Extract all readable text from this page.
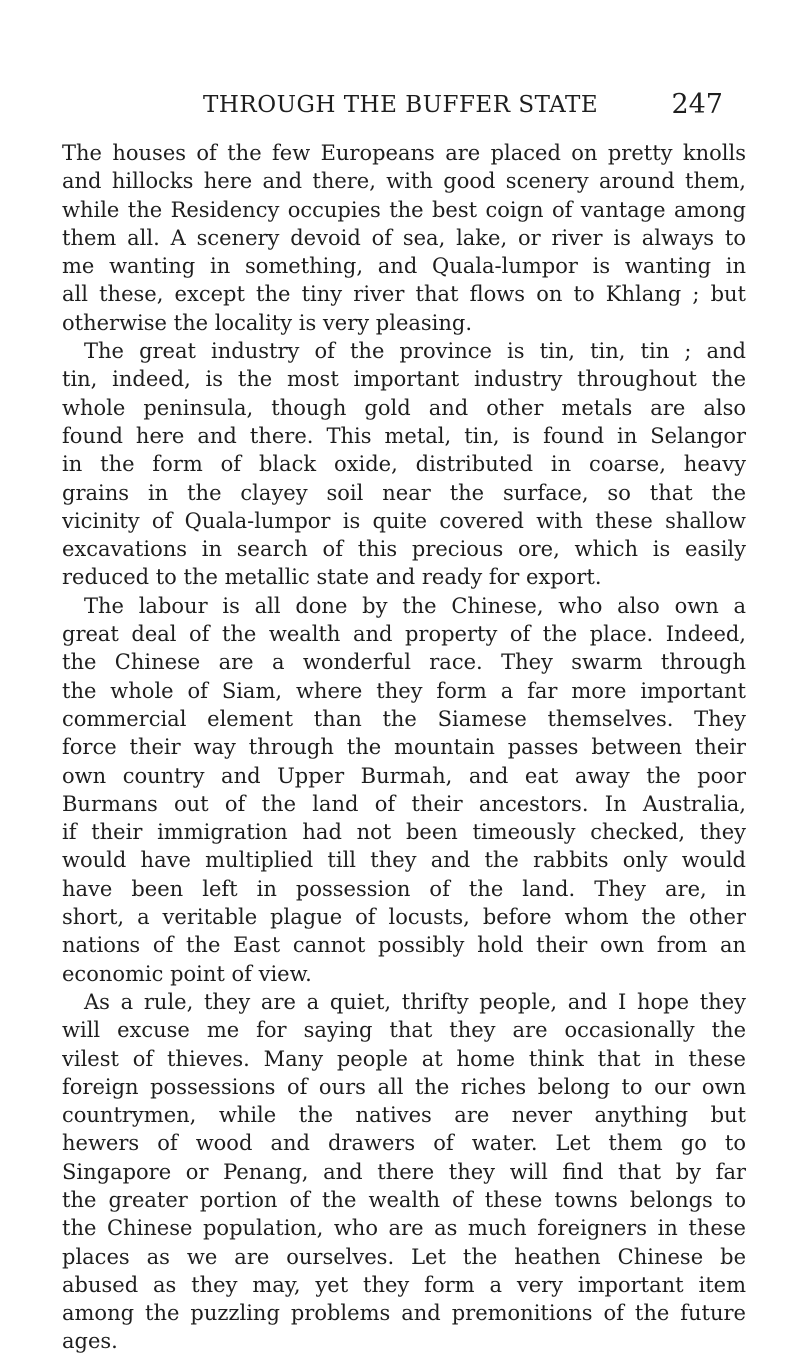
THROUGH THE BUFFER STATE	247
The houses of the few Europeans are placed on pretty knolls
and hillocks here and there, with good scenery around them,
while the Residency occupies the best coign of vantage among
them all. A scenery devoid of sea, lake, or river is always to
me wanting in something, and Quala-lumpor is wanting in
all these, except the tiny river that flows on to Khlang ; but
otherwise the locality is very pleasing.
The great industry of the province is tin, tin, tin ; and
tin, indeed, is the most important industry throughout the
whole peninsula, though gold and other metals are also
found here and there. This metal, tin, is found in Selangor
in the form of black oxide, distributed in coarse, heavy
grains in the clayey soil near the surface, so that the
vicinity of Quala-lumpor is quite covered with these shallow
excavations in search of this precious ore, which is easily
reduced to the metallic state and ready for export.
The labour is all done by the Chinese, who also own a
great deal of the wealth and property of the place. Indeed,
the Chinese are a wonderful race. They swarm through
the whole of Siam, where they form a far more important
commercial element than the Siamese themselves. They
force their way through the mountain passes between their
own country and Upper Burmah, and eat away the poor
Burmans out of the land of their ancestors. In Australia,
if their immigration had not been timeously checked, they
would have multiplied till they and the rabbits only would
have been left in possession of the land. They are, in
short, a veritable plague of locusts, before whom the other
nations of the East cannot possibly hold their own from an
economic point of view.
As a rule, they are a quiet, thrifty people, and I hope they
will excuse me for saying that they are occasionally the
vilest of thieves. Many people at home think that in these
foreign possessions of ours all the riches belong to our own
countrymen, while the natives are never anything but
hewers of wood and drawers of water. Let them go to
Singapore or Penang, and there they will find that by far
the greater portion of the wealth of these towns belongs to
the Chinese population, who are as much foreigners in these
places as we are ourselves. Let the heathen Chinese be
abused as they may, yet they form a very important item
among the puzzling problems and premonitions of the future
ages.
